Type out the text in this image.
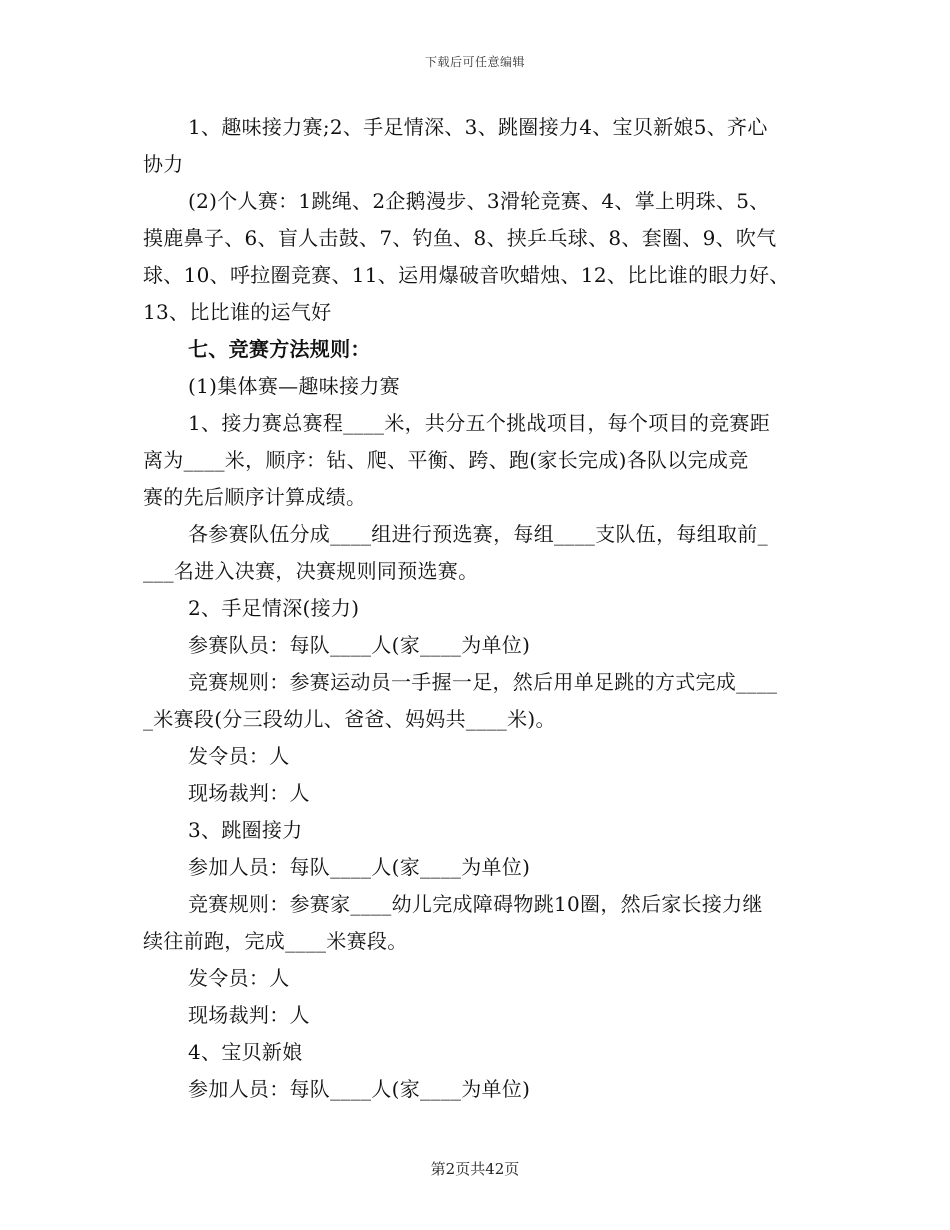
下载后可任意编辑
1、趣味接力赛;2、手足情深、3、跳圈接力4、宝贝新娘5、齐心
协力
(2)个人赛：1跳绳、2企鹅漫步、3滑轮竞赛、4、掌上明珠、5、
摸鹿鼻子、6、盲人击鼓、7、钓鱼、8、挟乒乓球、8、套圈、9、吹气
球、10、呼拉圈竞赛、11、运用爆破音吹蜡烛、12、比比谁的眼力好、
13、比比谁的运气好
七、竞赛方法规则：
(1)集体赛—趣味接力赛
1、接力赛总赛程____米，共分五个挑战项目，每个项目的竞赛距
离为____米，顺序：钻、爬、平衡、跨、跑(家长完成)各队以完成竞
赛的先后顺序计算成绩。
各参赛队伍分成____组进行预选赛，每组____支队伍，每组取前_
___名进入决赛，决赛规则同预选赛。
2、手足情深(接力)
参赛队员：每队____人(家____为单位)
竞赛规则：参赛运动员一手握一足，然后用单足跳的方式完成____
_米赛段(分三段幼儿、爸爸、妈妈共____米)。
发令员：人
现场裁判：人
3、跳圈接力
参加人员：每队____人(家____为单位)
竞赛规则：参赛家____幼儿完成障碍物跳10圈，然后家长接力继
续往前跑，完成____米赛段。
发令员：人
现场裁判：人
4、宝贝新娘
参加人员：每队____人(家____为单位)
第2页共42页
